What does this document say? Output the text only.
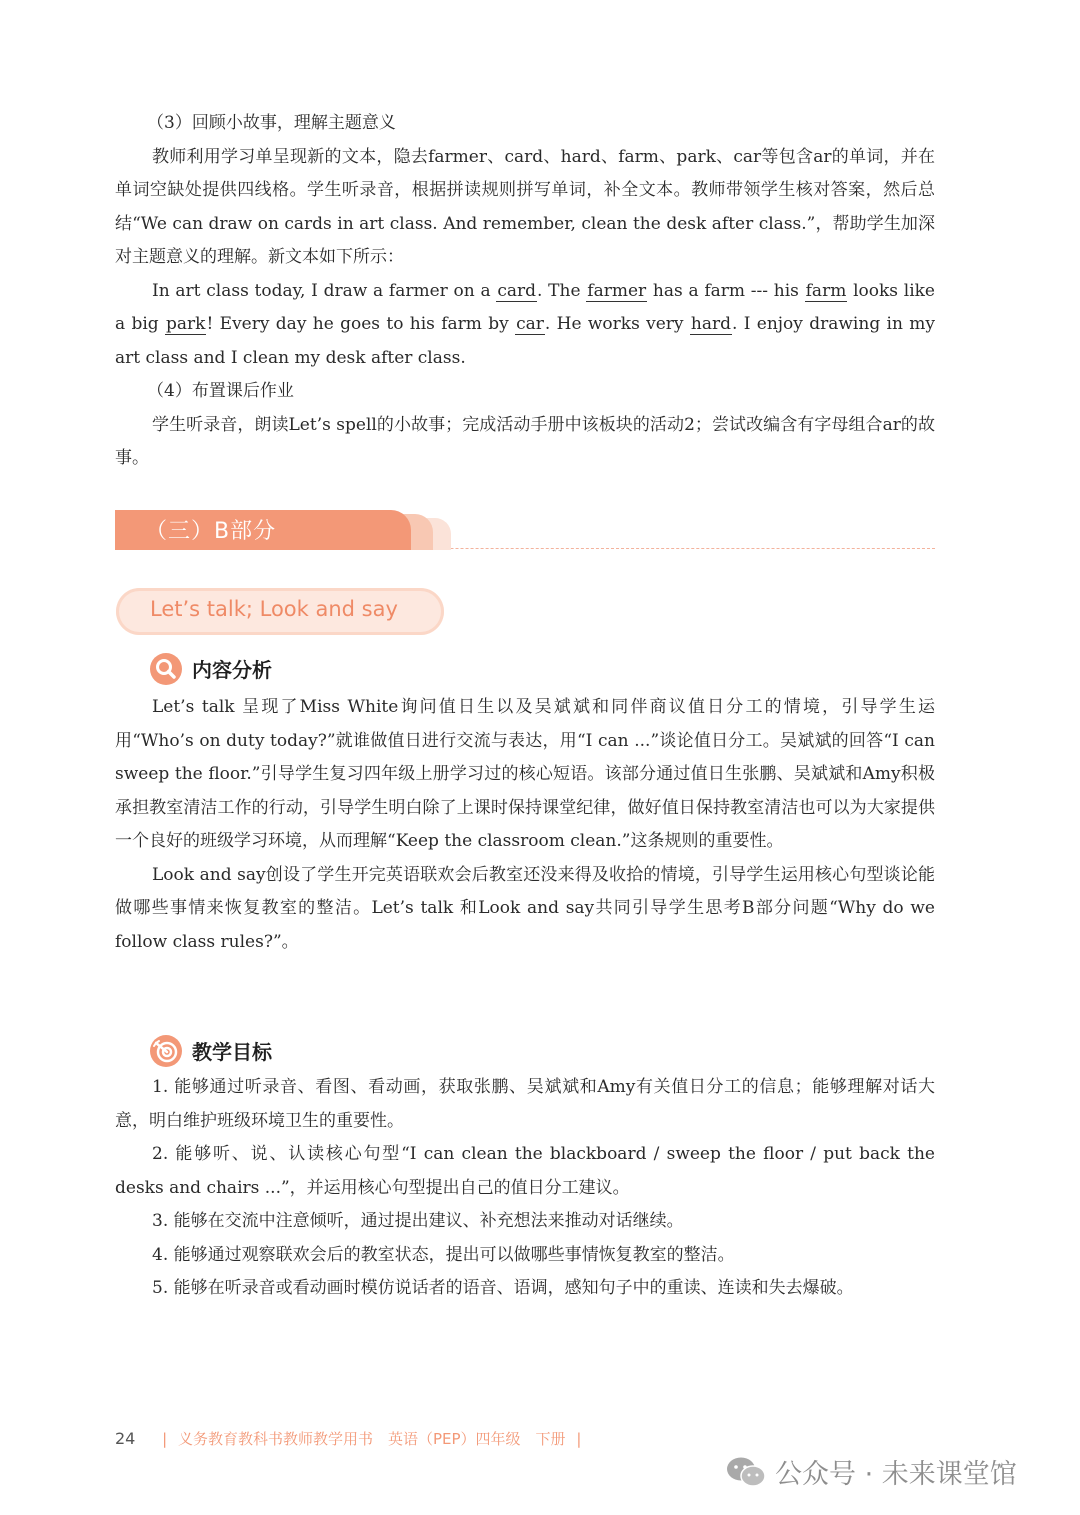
（3）回顾小故事，理解主题意义

教师利用学习单呈现新的文本，隐去farmer、card、hard、farm、park、car等包含ar的单词，并在单词空缺处提供四线格。学生听录音，根据拼读规则拼写单词，补全文本。教师带领学生核对答案，然后总结“We can draw on cards in art class. And remember, clean the desk after class.”，帮助学生加深对主题意义的理解。新文本如下所示：

In art class today, I draw a farmer on a card. The farmer has a farm --- his farm looks like a big park! Every day he goes to his farm by car. He works very hard. I enjoy drawing in my art class and I clean my desk after class.

（4）布置课后作业

学生听录音，朗读Let’s spell的小故事；完成活动手册中该板块的活动2；尝试改编含有字母组合ar的故事。

（三）B部分
Let’s talk; Look and say
内容分析

Let’s talk 呈现了Miss White询问值日生以及吴斌斌和同伴商议值日分工的情境，引导学生运用“Who’s on duty today?”就谁做值日进行交流与表达，用“I can ...”谈论值日分工。吴斌斌的回答“I can sweep the floor.”引导学生复习四年级上册学习过的核心短语。该部分通过值日生张鹏、吴斌斌和Amy积极承担教室清洁工作的行动，引导学生明白除了上课时保持课堂纪律，做好值日保持教室清洁也可以为大家提供一个良好的班级学习环境，从而理解“Keep the classroom clean.”这条规则的重要性。

Look and say创设了学生开完英语联欢会后教室还没来得及收拾的情境，引导学生运用核心句型谈论能做哪些事情来恢复教室的整洁。Let’s talk 和Look and say共同引导学生思考B部分问题“Why do we follow class rules?”。

教学目标

1. 能够通过听录音、看图、看动画，获取张鹏、吴斌斌和Amy有关值日分工的信息；能够理解对话大意，明白维护班级环境卫生的重要性。

2. 能够听、说、认读核心句型“I can clean the blackboard / sweep the floor / put back the desks and chairs ...”，并运用核心句型提出自己的值日分工建议。

3. 能够在交流中注意倾听，通过提出建议、补充想法来推动对话继续。

4. 能够通过观察联欢会后的教室状态，提出可以做哪些事情恢复教室的整洁。

5. 能够在听录音或看动画时模仿说话者的语音、语调，感知句子中的重读、连读和失去爆破。

24 | 义务教育教科书教师教学用书　英语（PEP）四年级　下册 |
公众号 · 未来课堂馆
